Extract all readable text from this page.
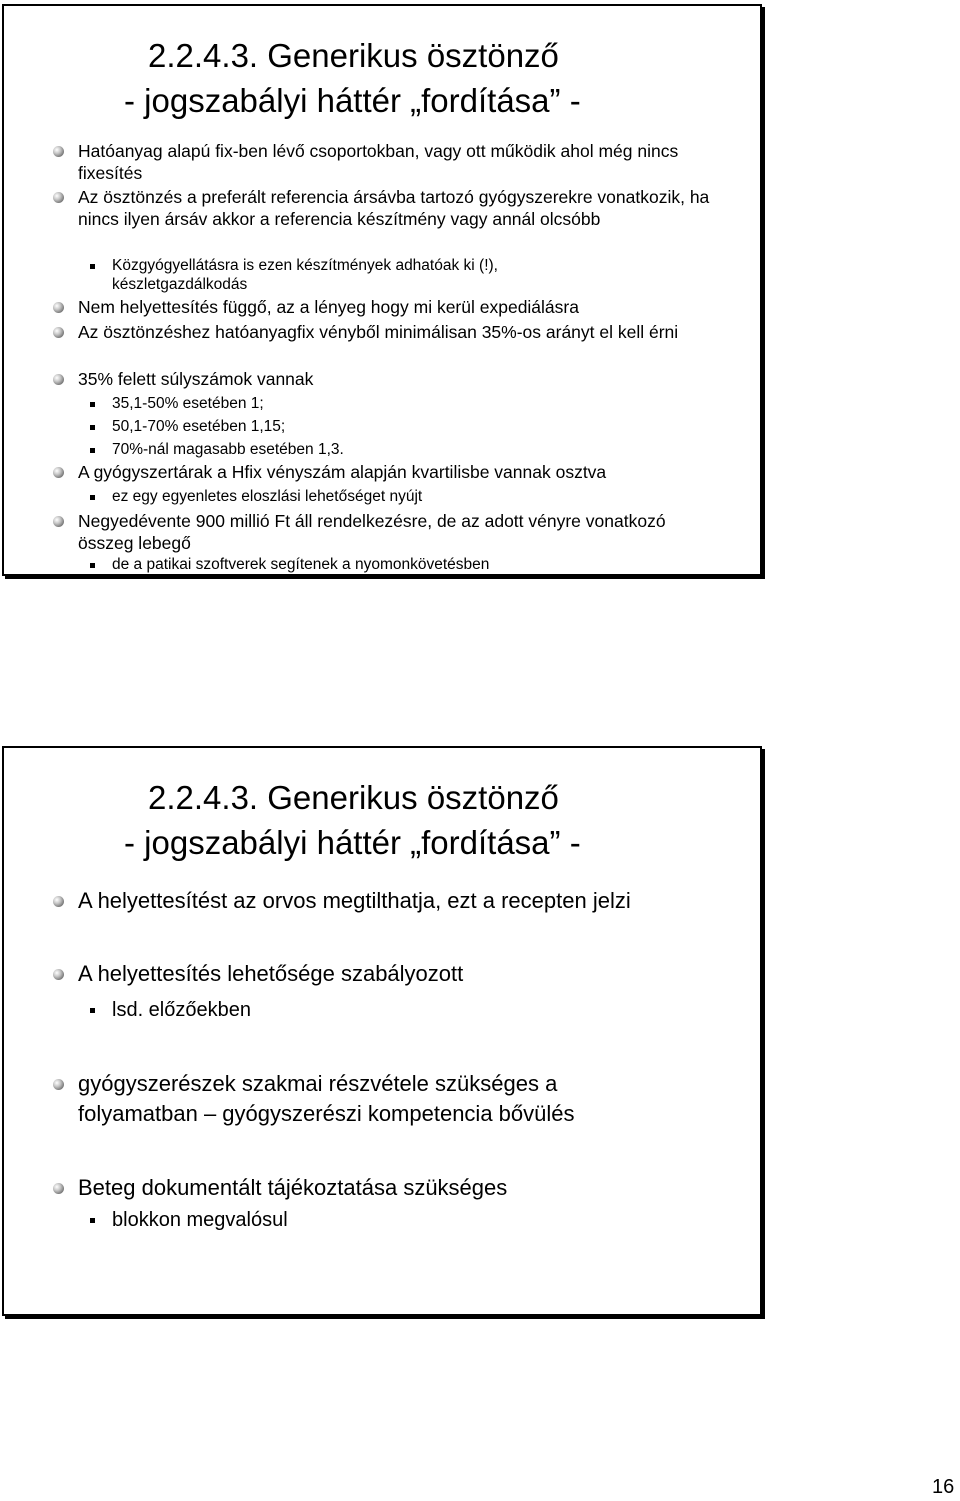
2.2.4.3. Generikus ösztönző
- jogszabályi háttér „fordítása” -
Hatóanyag alapú fix-ben lévő csoportokban, vagy ott működik ahol még nincs fixesítés
Az ösztönzés a preferált referencia ársávba tartozó gyógyszerekre vonatkozik, ha nincs ilyen ársáv akkor a referencia készítmény vagy annál olcsóbb
Közgyógyellátásra is ezen készítmények adhatóak ki (!), készletgazdálkodás
Nem helyettesítés függő, az a lényeg hogy mi kerül expediálásra
Az ösztönzéshez hatóanyagfix vényből minimálisan 35%-os arányt el kell érni
35% felett súlyszámok vannak
35,1-50% esetében 1;
50,1-70% esetében 1,15;
70%-nál magasabb esetében 1,3.
A gyógyszertárak a Hfix vényszám alapján kvartilisbe vannak osztva
ez egy egyenletes eloszlási lehetőséget nyújt
Negyedévente 900 millió Ft áll rendelkezésre, de az adott vényre vonatkozó összeg lebegő
de a patikai szoftverek segítenek a nyomonkövetésben
2.2.4.3. Generikus ösztönző
- jogszabályi háttér „fordítása” -
A helyettesítést az orvos megtilthatja, ezt a recepten jelzi
A helyettesítés lehetősége szabályozott
lsd. előzőekben
gyógyszerészek szakmai részvétele szükséges a folyamatban – gyógyszerészi kompetencia bővülés
Beteg dokumentált tájékoztatása szükséges
blokkon megvalósul
16
